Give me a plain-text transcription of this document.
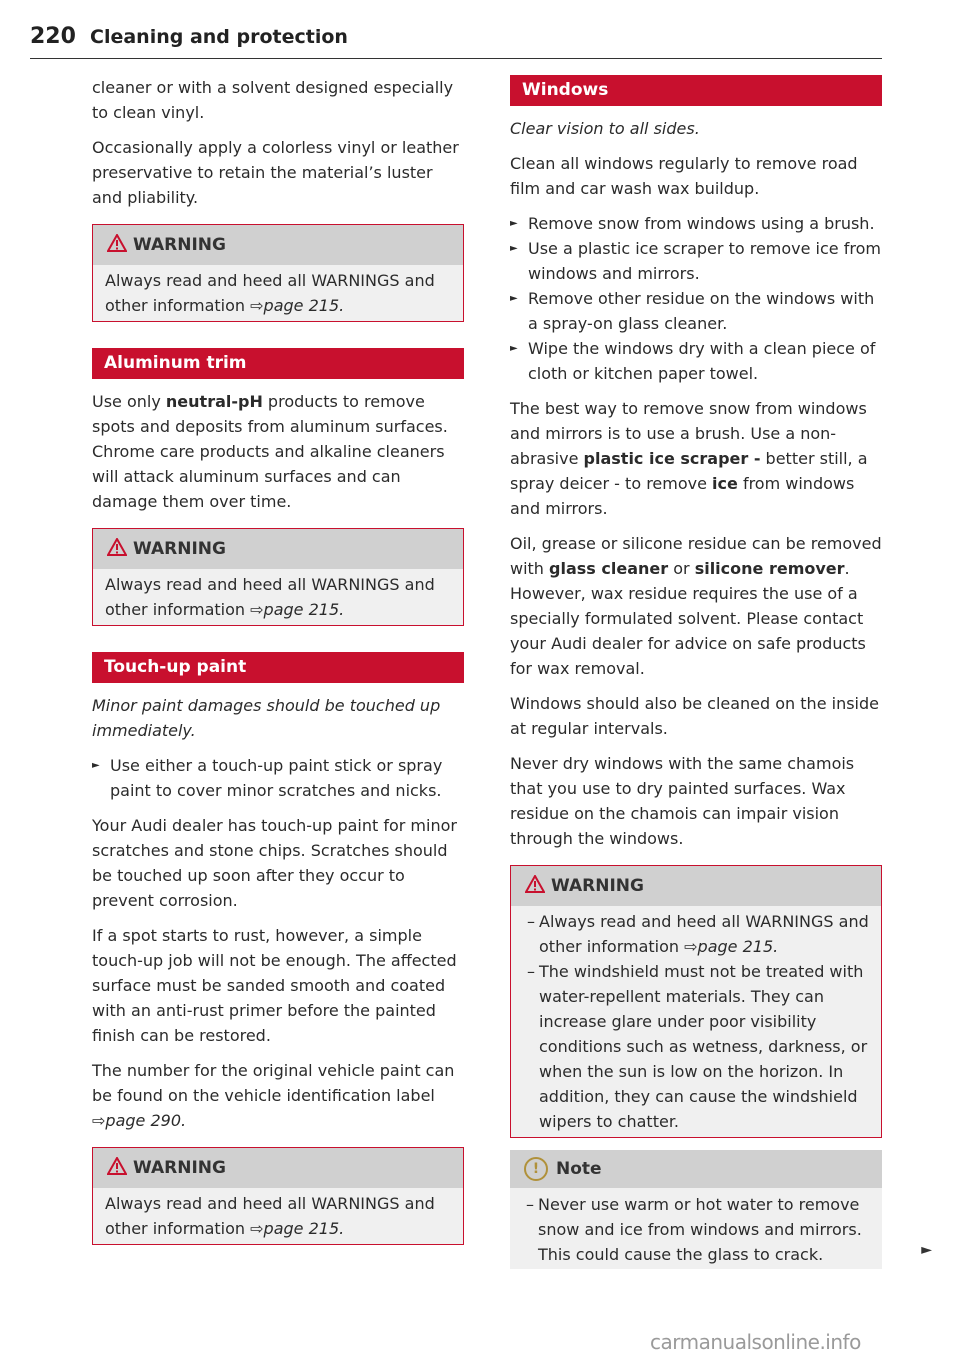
220 Cleaning and protection

cleaner or with a solvent designed especially to clean vinyl.

Occasionally apply a colorless vinyl or leather preservative to retain the material’s luster and pliability.

WARNING
Always read and heed all WARNINGS and other information ⇨page 215.
Aluminum trim

Use only neutral-pH products to remove spots and deposits from aluminum surfaces. Chrome care products and alkaline cleaners will attack aluminum surfaces and can damage them over time.

WARNING
Always read and heed all WARNINGS and other information ⇨page 215.
Touch-up paint

Minor paint damages should be touched up immediately.

► Use either a touch-up paint stick or spray paint to cover minor scratches and nicks.

Your Audi dealer has touch-up paint for minor scratches and stone chips. Scratches should be touched up soon after they occur to prevent corrosion.

If a spot starts to rust, however, a simple touch-up job will not be enough. The affected surface must be sanded smooth and coated with an anti-rust primer before the painted finish can be restored.

The number for the original vehicle paint can be found on the vehicle identification label ⇨page 290.

WARNING
Always read and heed all WARNINGS and other information ⇨page 215.
Windows

Clear vision to all sides.

Clean all windows regularly to remove road film and car wash wax buildup.

► Remove snow from windows using a brush.

► Use a plastic ice scraper to remove ice from windows and mirrors.

► Remove other residue on the windows with a spray-on glass cleaner.

► Wipe the windows dry with a clean piece of cloth or kitchen paper towel.

The best way to remove snow from windows and mirrors is to use a brush. Use a non-abrasive plastic ice scraper - better still, a spray deicer - to remove ice from windows and mirrors.

Oil, grease or silicone residue can be removed with glass cleaner or silicone remover. However, wax residue requires the use of a specially formulated solvent. Please contact your Audi dealer for advice on safe products for wax removal.

Windows should also be cleaned on the inside at regular intervals.

Never dry windows with the same chamois that you use to dry painted surfaces. Wax residue on the chamois can impair vision through the windows.

WARNING

– Always read and heed all WARNINGS and other information ⇨page 215.

– The windshield must not be treated with water-repellent materials. They can increase glare under poor visibility conditions such as wetness, darkness, or when the sun is low on the horizon. In addition, they can cause the windshield wipers to chatter.

! Note

– Never use warm or hot water to remove snow and ice from windows and mirrors. This could cause the glass to crack.	►
carmanualsonline.info
